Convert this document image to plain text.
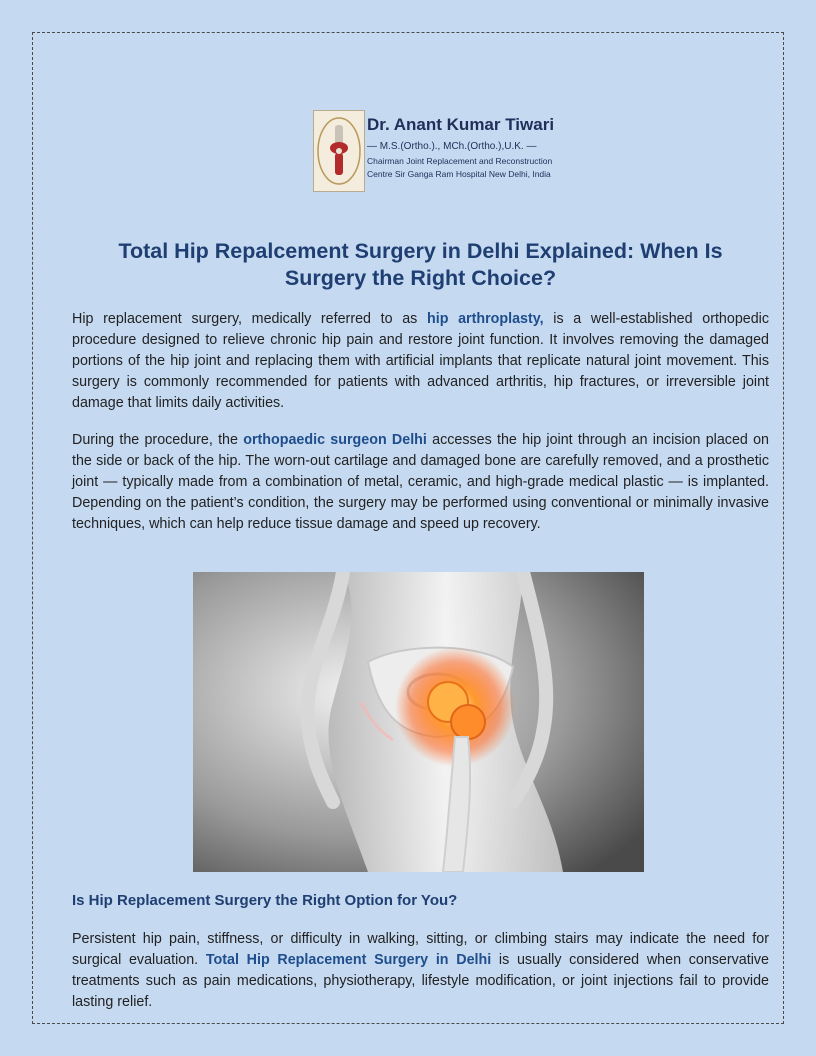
Dr. Anant Kumar Tiwari
— M.S.(Ortho.)., MCh.(Ortho.),U.K. —
Chairman Joint Replacement and Reconstruction
Centre Sir Ganga Ram Hospital New Delhi, India
Total Hip Repalcement Surgery in Delhi Explained: When Is
Surgery the Right Choice?

Hip replacement surgery, medically referred to as hip arthroplasty, is a well-established orthopedic procedure designed to relieve chronic hip pain and restore joint function. It involves removing the damaged portions of the hip joint and replacing them with artificial implants that replicate natural joint movement. This surgery is commonly recommended for patients with advanced arthritis, hip fractures, or irreversible joint damage that limits daily activities.

During the procedure, the orthopaedic surgeon Delhi accesses the hip joint through an incision placed on the side or back of the hip. The worn-out cartilage and damaged bone are carefully removed, and a prosthetic joint — typically made from a combination of metal, ceramic, and high-grade medical plastic — is implanted. Depending on the patient’s condition, the surgery may be performed using conventional or minimally invasive techniques, which can help reduce tissue damage and speed up recovery.

Is Hip Replacement Surgery the Right Option for You?

Persistent hip pain, stiffness, or difficulty in walking, sitting, or climbing stairs may indicate the need for surgical evaluation. Total Hip Replacement Surgery in Delhi is usually considered when conservative treatments such as pain medications, physiotherapy, lifestyle modification, or joint injections fail to provide lasting relief.
